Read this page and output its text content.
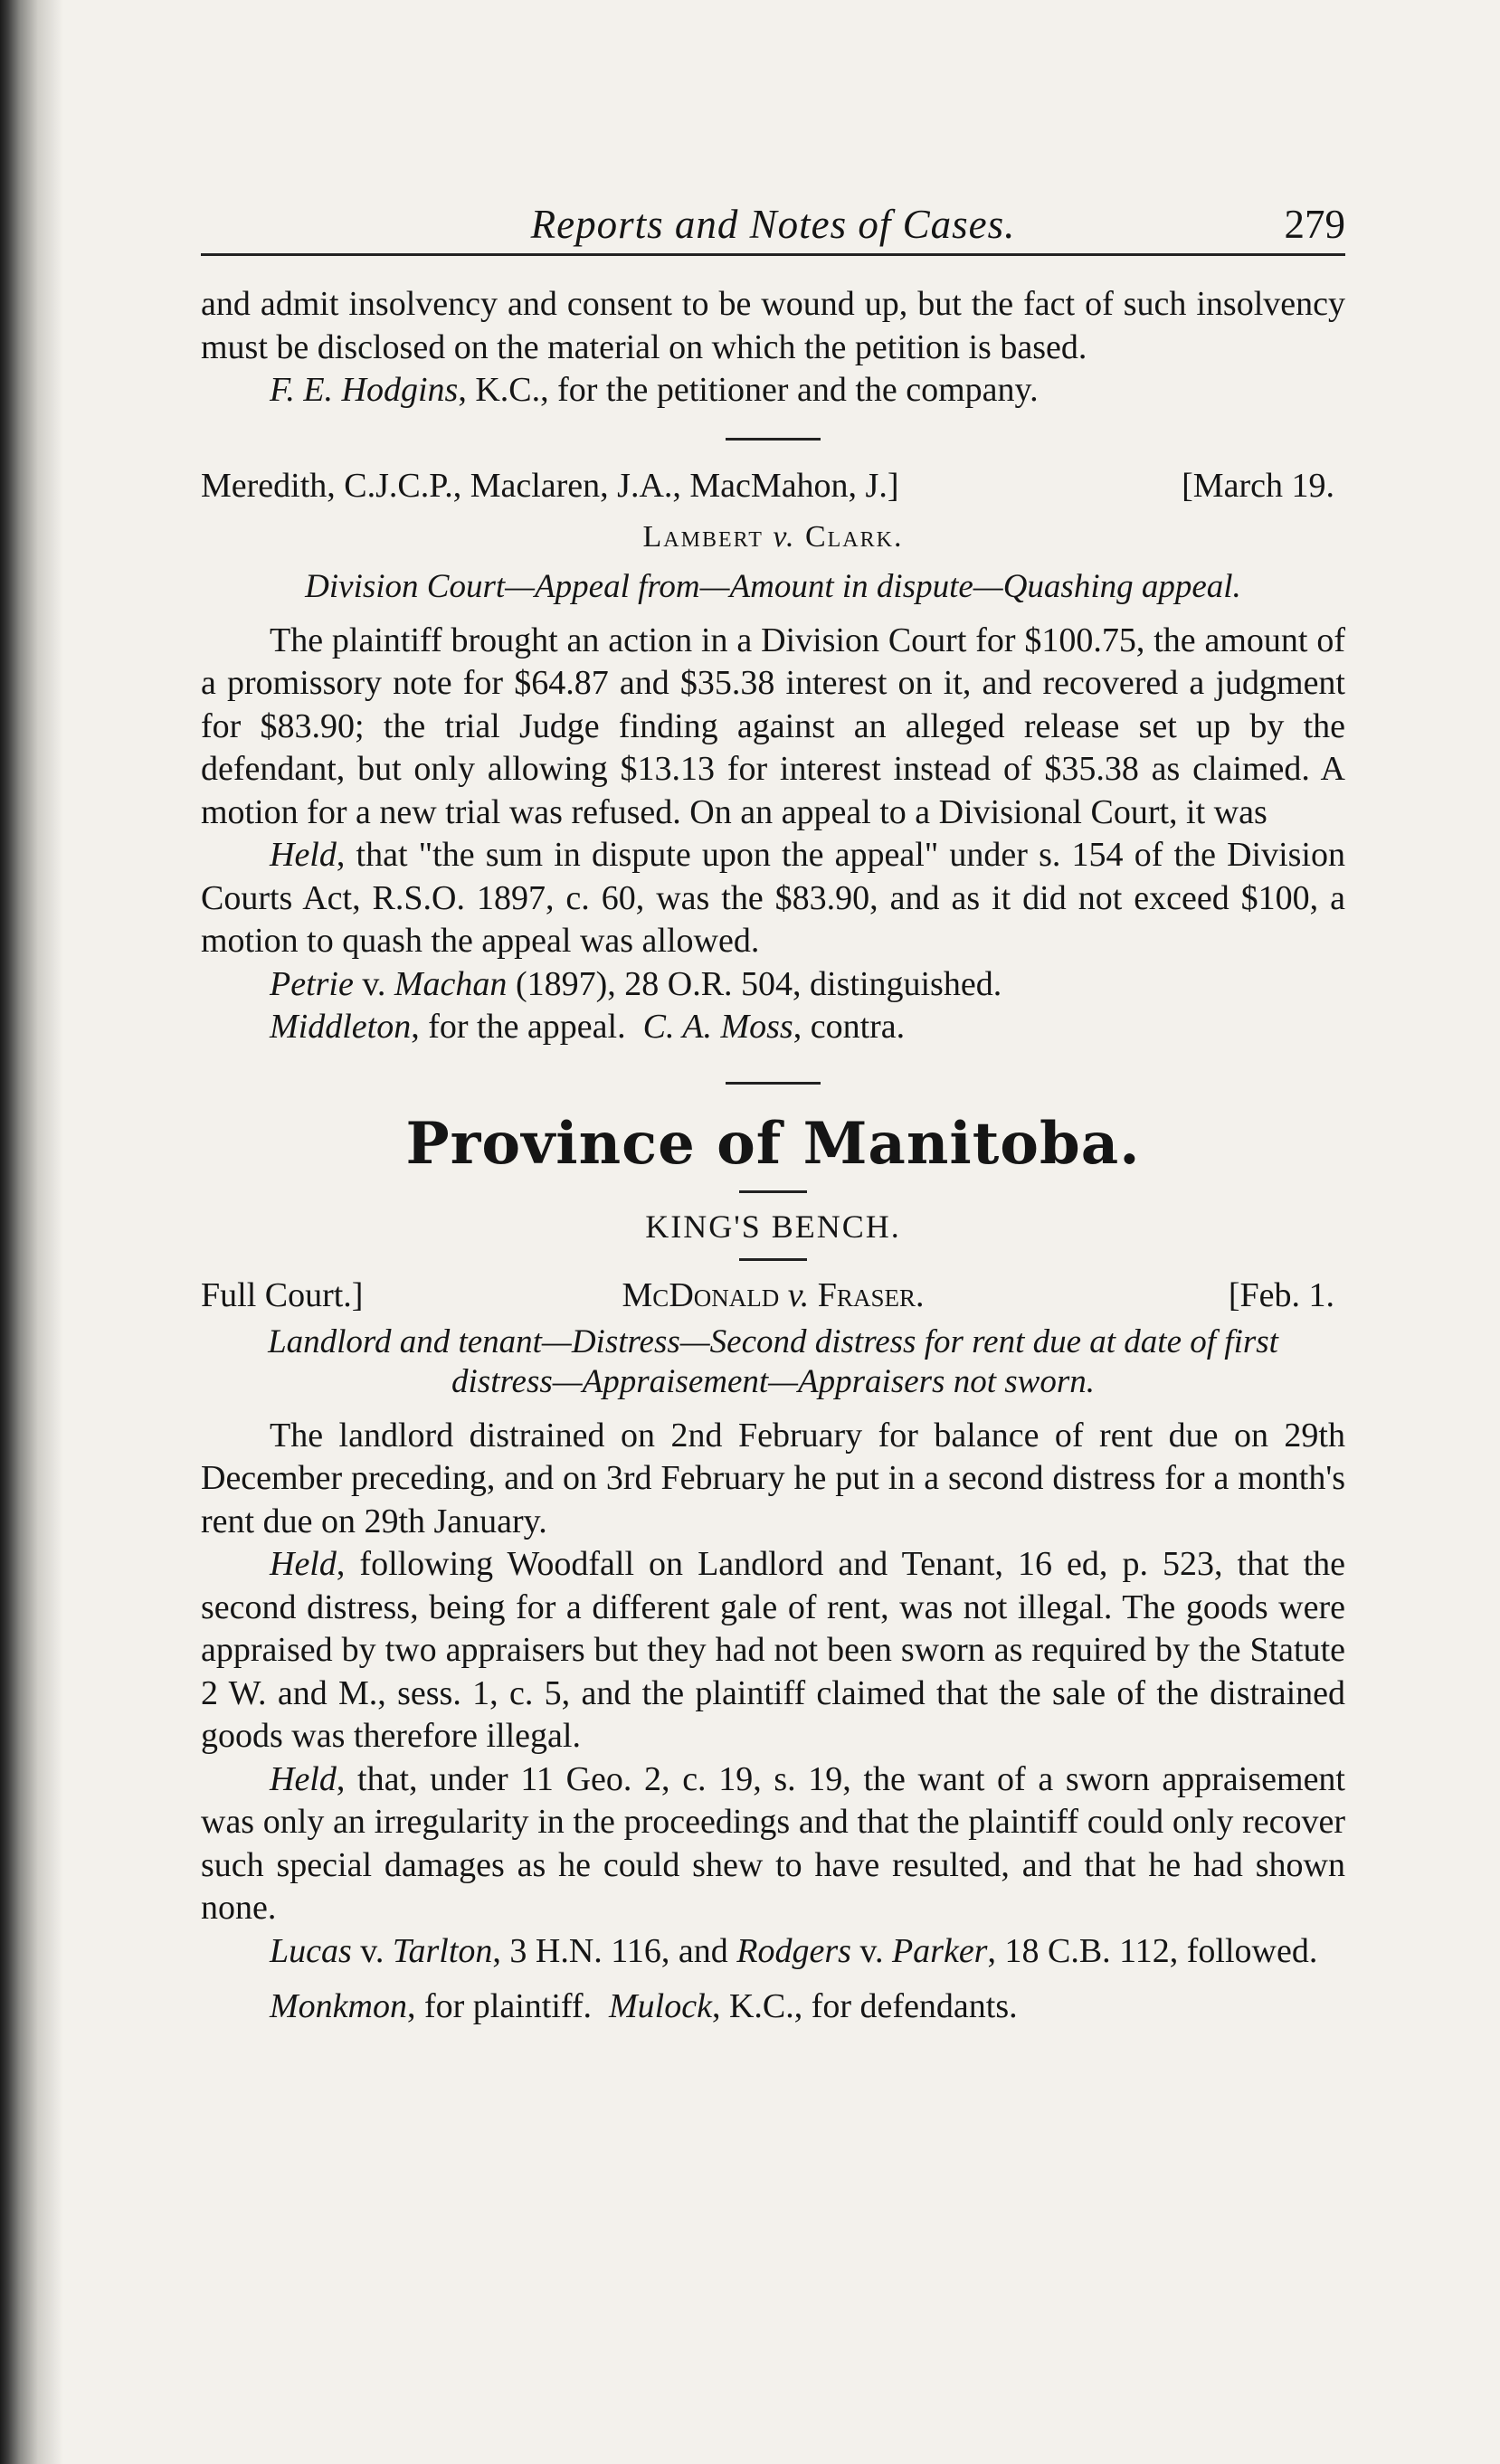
Reports and Notes of Cases.	279

and admit insolvency and consent to be wound up, but the fact of such insolvency must be disclosed on the material on which the petition is based.

F. E. Hodgins, K.C., for the petitioner and the company.

Meredith, C.J.C.P., Maclaren, J.A., MacMahon, J.]	[March 19.
Lambert v. Clark.
Division Court—Appeal from—Amount in dispute—Quashing appeal.

The plaintiff brought an action in a Division Court for $100.75, the amount of a promissory note for $64.87 and $35.38 interest on it, and recovered a judgment for $83.90; the trial Judge finding against an alleged release set up by the defendant, but only allowing $13.13 for interest instead of $35.38 as claimed. A motion for a new trial was refused. On an appeal to a Divisional Court, it was

Held, that "the sum in dispute upon the appeal" under s. 154 of the Division Courts Act, R.S.O. 1897, c. 60, was the $83.90, and as it did not exceed $100, a motion to quash the appeal was allowed.

Petrie v. Machan (1897), 28 O.R. 504, distinguished.

Middleton, for the appeal. C. A. Moss, contra.

Province of Manitoba.
KING'S BENCH.
Full Court.]	McDonald v. Fraser.	[Feb. 1.
Landlord and tenant—Distress—Second distress for rent due at date of first
distress—Appraisement—Appraisers not sworn.

The landlord distrained on 2nd February for balance of rent due on 29th December preceding, and on 3rd February he put in a second distress for a month's rent due on 29th January.

Held, following Woodfall on Landlord and Tenant, 16 ed, p. 523, that the second distress, being for a different gale of rent, was not illegal. The goods were appraised by two appraisers but they had not been sworn as required by the Statute 2 W. and M., sess. 1, c. 5, and the plaintiff claimed that the sale of the distrained goods was therefore illegal.

Held, that, under 11 Geo. 2, c. 19, s. 19, the want of a sworn appraisement was only an irregularity in the proceedings and that the plaintiff could only recover such special damages as he could shew to have resulted, and that he had shown none.

Lucas v. Tarlton, 3 H.N. 116, and Rodgers v. Parker, 18 C.B. 112, followed.

Monkmon, for plaintiff. Mulock, K.C., for defendants.
